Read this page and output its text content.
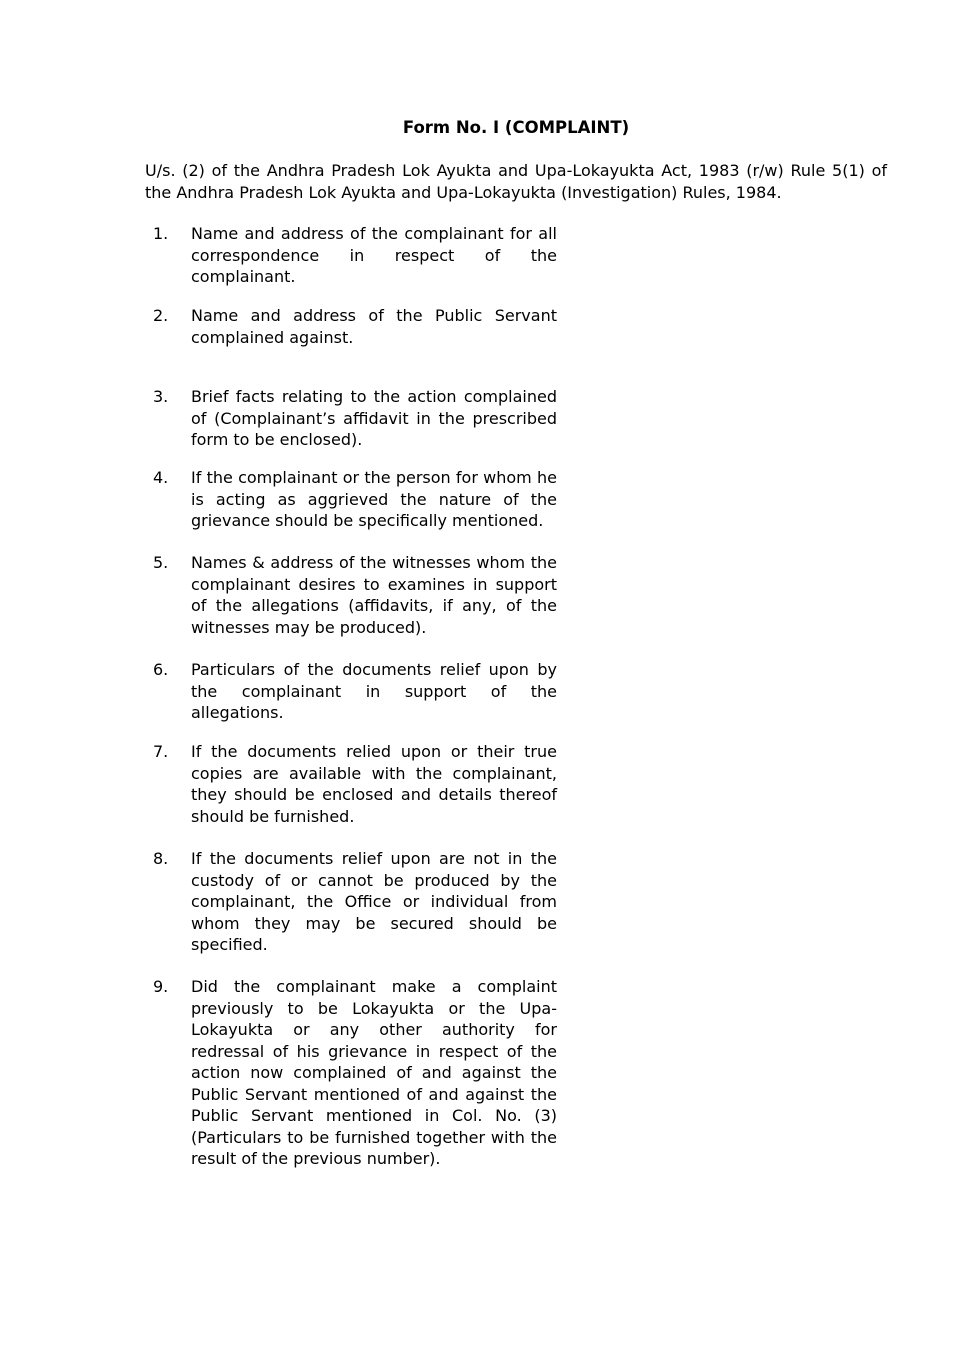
Form No. I (COMPLAINT)
U/s. (2) of the Andhra Pradesh Lok Ayukta and Upa-Lokayukta Act, 1983 (r/w) Rule 5(1) of the Andhra Pradesh Lok Ayukta and Upa-Lokayukta (Investigation) Rules, 1984.
1. Name and address of the complainant for all correspondence in respect of the complainant.
2. Name and address of the Public Servant complained against.
3. Brief facts relating to the action complained of (Complainant’s affidavit in the prescribed form to be enclosed).
4. If the complainant or the person for whom he is acting as aggrieved the nature of the grievance should be specifically mentioned.
5. Names & address of the witnesses whom the complainant desires to examines in support of the allegations (affidavits, if any, of the witnesses may be produced).
6. Particulars of the documents relief upon by the complainant in support of the allegations.
7. If the documents relied upon or their true copies are available with the complainant, they should be enclosed and details thereof should be furnished.
8. If the documents relief upon are not in the custody of or cannot be produced by the complainant, the Office or individual from whom they may be secured should be specified.
9. Did the complainant make a complaint previously to be Lokayukta or the Upa-Lokayukta or any other authority for redressal of his grievance in respect of the action now complained of and against the Public Servant mentioned of and against the Public Servant mentioned in Col. No. (3) (Particulars to be furnished together with the result of the previous number).
